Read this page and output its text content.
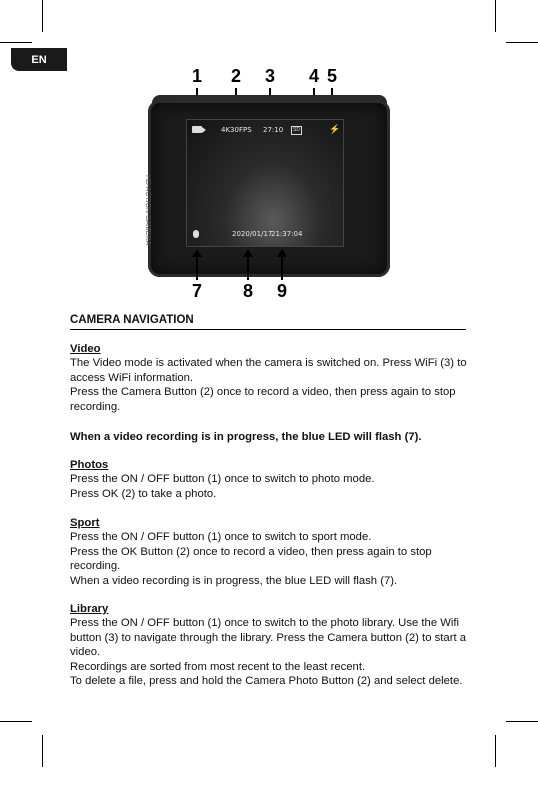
EN
1 2 3 4 5
HD ACTION CAMERA
4K30FPS 27:10	SD	⚡
2020/01/17
21:37:04
7 8 9
CAMERA NAVIGATION
Video
The Video mode is activated when the camera is switched on. Press WiFi (3) to access WiFi information.
Press the Camera Button (2) once to record a video, then press again to stop recording.
When a video recording is in progress, the blue LED will flash (7).
Photos
Press the ON / OFF button (1) once to switch to photo mode.
Press OK (2) to take a photo.
Sport
Press the ON / OFF button (1) once to switch to sport mode.
Press the OK Button (2) once to record a video, then press again to stop recording.
When a video recording is in progress, the blue LED will flash (7).
Library
Press the ON / OFF button (1) once to switch to the photo library. Use the Wifi button (3) to navigate through the library. Press the Camera button (2) to start a video.
Recordings are sorted from most recent to the least recent.
To delete a file, press and hold the Camera Photo Button (2) and select delete.
